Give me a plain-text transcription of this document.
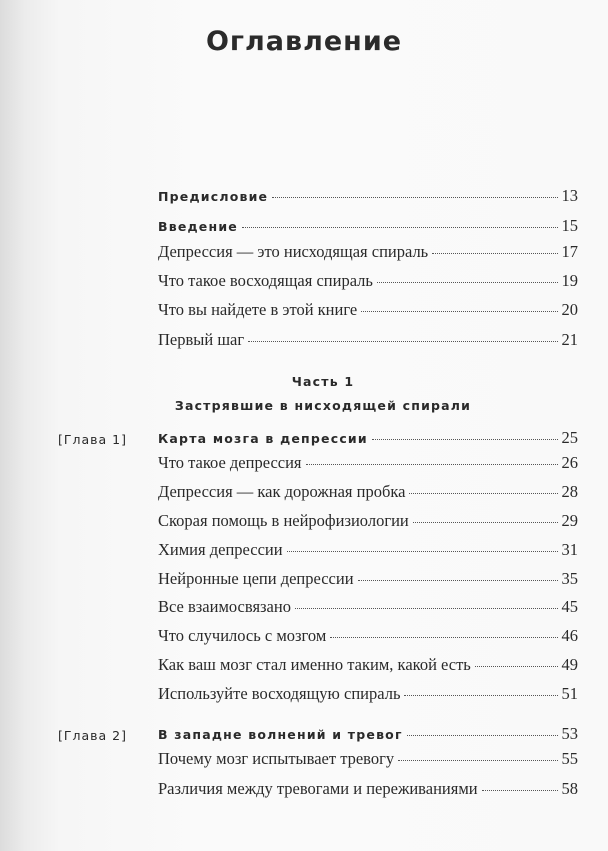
Оглавление
Предисловие	13
Введение	15
Депрессия — это нисходящая спираль	17
Что такое восходящая спираль	19
Что вы найдете в этой книге	20
Первый шаг	21
Часть 1
Застрявшие в нисходящей спирали
[Глава 1] Карта мозга в депрессии	25
Что такое депрессия	26
Депрессия — как дорожная пробка	28
Скорая помощь в нейрофизиологии	29
Химия депрессии	31
Нейронные цепи депрессии	35
Все взаимосвязано	45
Что случилось с мозгом	46
Как ваш мозг стал именно таким, какой есть	49
Используйте восходящую спираль	51
[Глава 2] В западне волнений и тревог	53
Почему мозг испытывает тревогу	55
Различия между тревогами и переживаниями	58
